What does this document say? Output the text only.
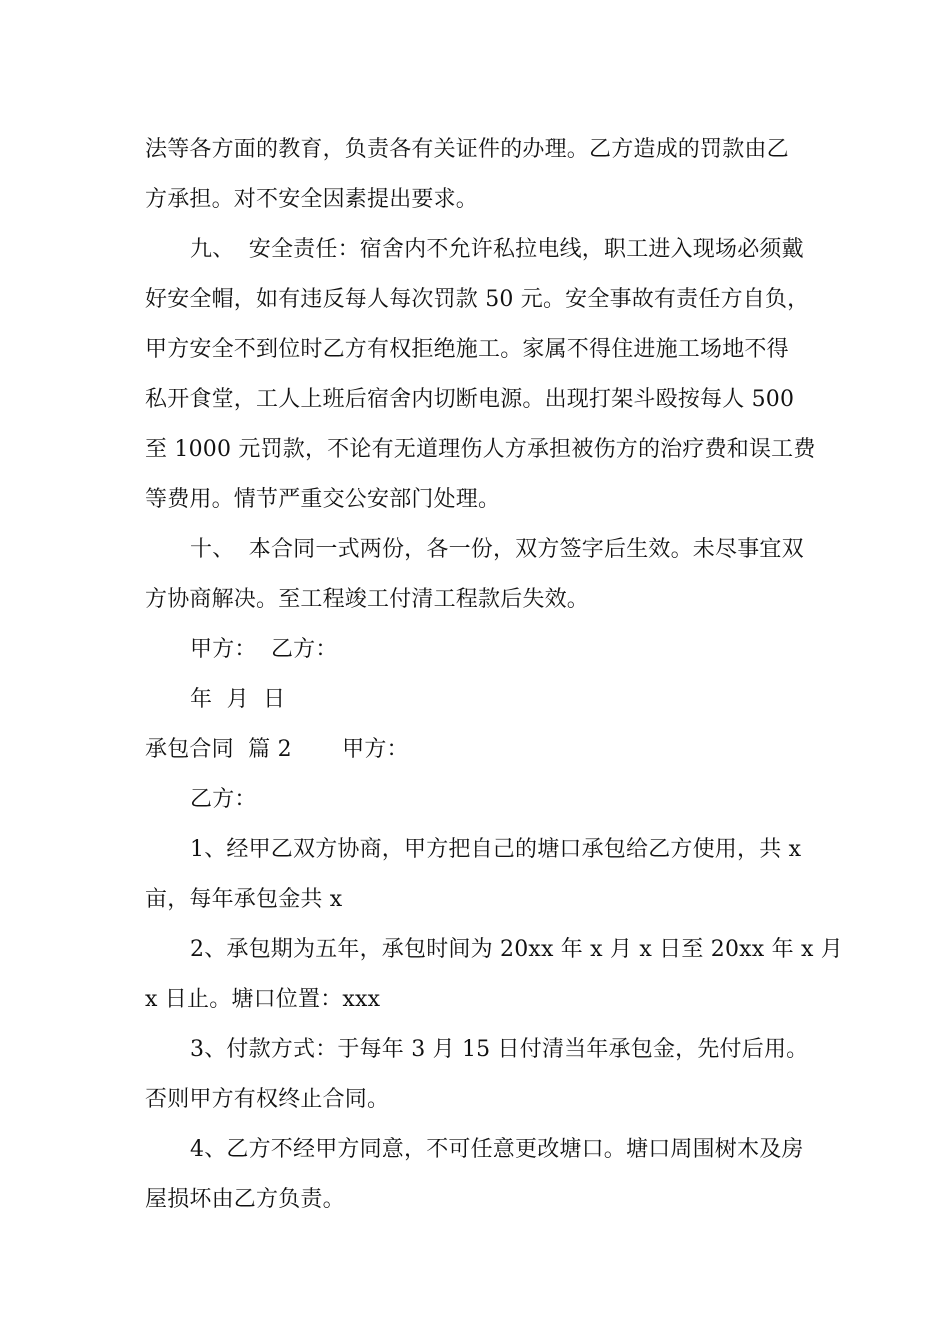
法等各方面的教育，负责各有关证件的办理。乙方造成的罚款由乙
方承担。对不安全因素提出要求。
九、  安全责任：宿舍内不允许私拉电线，职工进入现场必须戴
好安全帽，如有违反每人每次罚款 50 元。安全事故有责任方自负，
甲方安全不到位时乙方有权拒绝施工。家属不得住进施工场地不得
私开食堂，工人上班后宿舍内切断电源。出现打架斗殴按每人 500
至 1000 元罚款，不论有无道理伤人方承担被伤方的治疗费和误工费
等费用。情节严重交公安部门处理。
十、  本合同一式两份，各一份，双方签字后生效。未尽事宜双
方协商解决。至工程竣工付清工程款后失效。
甲方：  乙方：
年  月  日
承包合同  篇 2       甲方：
乙方：
1、经甲乙双方协商，甲方把自己的塘口承包给乙方使用，共 x
亩，每年承包金共 x
2、承包期为五年，承包时间为 20xx 年 x 月 x 日至 20xx 年 x 月
x 日止。塘口位置：xxx
3、付款方式：于每年 3 月 15 日付清当年承包金，先付后用。
否则甲方有权终止合同。
4、乙方不经甲方同意，不可任意更改塘口。塘口周围树木及房
屋损坏由乙方负责。
